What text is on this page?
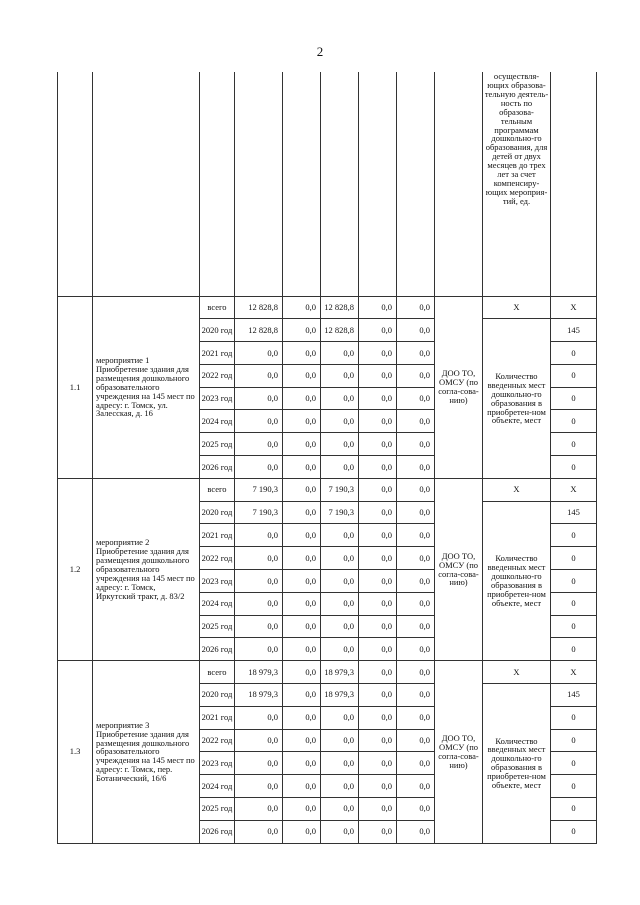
2
									осуществля-ющих образова-тельную деятель-ность по образова-тельным программам дошкольно-го образования, для детей от двух месяцев до трех лет за счет компенсиру-ющих мероприя-тий, ед.	
1.1	мероприятие 1 Приобретение здания для размещения дошкольного образовательного учреждения на 145 мест по адресу: г. Томск, ул. Залесская, д. 16	всего	12 828,8	0,0	12 828,8	0,0	0,0	ДОО ТО, ОМСУ (по согла-сова-нию)	Х	Х
		2020 год	12 828,8	0,0	12 828,8	0,0	0,0		Количество введенных мест дошкольно-го образования в приобретен-ном объекте, мест	145
		2021 год	0,0	0,0	0,0	0,0	0,0			0
		2022 год	0,0	0,0	0,0	0,0	0,0			0
		2023 год	0,0	0,0	0,0	0,0	0,0			0
		2024 год	0,0	0,0	0,0	0,0	0,0			0
		2025 год	0,0	0,0	0,0	0,0	0,0			0
		2026 год	0,0	0,0	0,0	0,0	0,0			0
1.2	мероприятие 2 Приобретение здания для размещения дошкольного образовательного учреждения на 145 мест по адресу: г. Томск, Иркутский тракт, д. 83/2	всего	7 190,3	0,0	7 190,3	0,0	0,0	ДОО ТО, ОМСУ (по согла-сова-нию)	Х	Х
		2020 год	7 190,3	0,0	7 190,3	0,0	0,0		Количество введенных мест дошкольно-го образования в приобретен-ном объекте, мест	145
		2021 год	0,0	0,0	0,0	0,0	0,0			0
		2022 год	0,0	0,0	0,0	0,0	0,0			0
		2023 год	0,0	0,0	0,0	0,0	0,0			0
		2024 год	0,0	0,0	0,0	0,0	0,0			0
		2025 год	0,0	0,0	0,0	0,0	0,0			0
		2026 год	0,0	0,0	0,0	0,0	0,0			0
1.3	мероприятие 3 Приобретение здания для размещения дошкольного образовательного учреждения на 145 мест по адресу: г. Томск, пер. Ботанический, 16/6	всего	18 979,3	0,0	18 979,3	0,0	0,0	ДОО ТО, ОМСУ (по согла-сова-нию)	Х	Х
		2020 год	18 979,3	0,0	18 979,3	0,0	0,0		Количество введенных мест дошкольно-го образования в приобретен-ном объекте, мест	145
		2021 год	0,0	0,0	0,0	0,0	0,0			0
		2022 год	0,0	0,0	0,0	0,0	0,0			0
		2023 год	0,0	0,0	0,0	0,0	0,0			0
		2024 год	0,0	0,0	0,0	0,0	0,0			0
		2025 год	0,0	0,0	0,0	0,0	0,0			0
		2026 год	0,0	0,0	0,0	0,0	0,0			0
